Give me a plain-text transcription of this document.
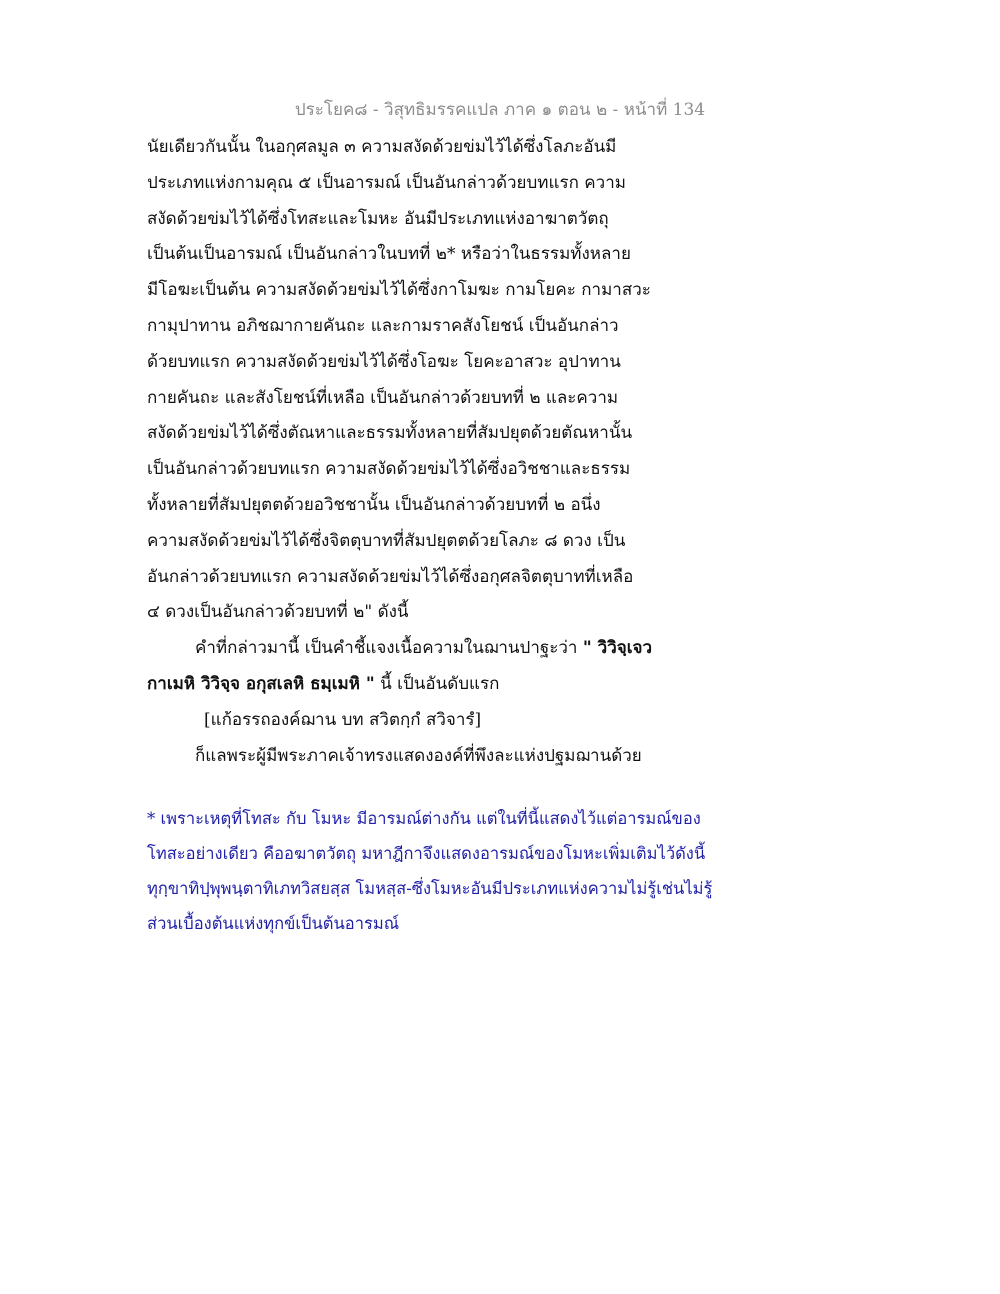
ประโยค๘ - วิสุทธิมรรคแปล ภาค ๑ ตอน ๒ - หน้าที่ 134
นัยเดียวกันนั้น ในอกุศลมูล ๓ ความสงัดด้วยข่มไว้ได้ซึ่งโลภะอันมี
ประเภทแห่งกามคุณ ๕ เป็นอารมณ์ เป็นอันกล่าวด้วยบทแรก ความ
สงัดด้วยข่มไว้ได้ซึ่งโทสะและโมหะ อันมีประเภทแห่งอาฆาตวัตถุ
เป็นต้นเป็นอารมณ์ เป็นอันกล่าวในบทที่ ๒* หรือว่าในธรรมทั้งหลาย
มีโอฆะเป็นต้น ความสงัดด้วยข่มไว้ได้ซึ่งกาโมฆะ กามโยคะ กามาสวะ
กามุปาทาน อภิชฌากายคันถะ และกามราคสังโยชน์ เป็นอันกล่าว
ด้วยบทแรก ความสงัดด้วยข่มไว้ได้ซึ่งโอฆะ โยคะอาสวะ อุปาทาน
กายคันถะ และสังโยชน์ที่เหลือ เป็นอันกล่าวด้วยบทที่ ๒ และความ
สงัดด้วยข่มไว้ได้ซึ่งตัณหาและธรรมทั้งหลายที่สัมปยุตด้วยตัณหานั้น
เป็นอันกล่าวด้วยบทแรก ความสงัดด้วยข่มไว้ได้ซึ่งอวิชชาและธรรม
ทั้งหลายที่สัมปยุตตด้วยอวิชชานั้น เป็นอันกล่าวด้วยบทที่ ๒ อนึ่ง
ความสงัดด้วยข่มไว้ได้ซึ่งจิตตุบาทที่สัมปยุตตด้วยโลภะ ๘ ดวง เป็น
อันกล่าวด้วยบทแรก ความสงัดด้วยข่มไว้ได้ซึ่งอกุศลจิตตุบาทที่เหลือ
๔ ดวงเป็นอันกล่าวด้วยบทที่ ๒" ดังนี้
คำที่กล่าวมานี้ เป็นคำชี้แจงเนื้อความในฌานปาฐะว่า " วิวิจฺเจว
กาเมหิ วิวิจฺจ อกุสเลหิ ธมฺเมหิ " นี้ เป็นอันดับแรก
[แก้อรรถองค์ฌาน บท สวิตกฺกํ สวิจารํ]
ก็แลพระผู้มีพระภาคเจ้าทรงแสดงองค์ที่พึงละแห่งปฐมฌานด้วย
* เพราะเหตุที่โทสะ กับ โมหะ มีอารมณ์ต่างกัน แต่ในที่นี้แสดงไว้แต่อารมณ์ของ
โทสะอย่างเดียว คืออฆาตวัตถุ มหาฎีกาจึงแสดงอารมณ์ของโมหะเพิ่มเติมไว้ดังนี้
ทุกฺขาทิปฺพุพนฺตาทิเภทวิสยสฺส โมหสฺส-ซึ่งโมหะอันมีประเภทแห่งความไม่รู้เช่นไม่รู้
ส่วนเบื้องต้นแห่งทุกข์เป็นต้นอารมณ์
